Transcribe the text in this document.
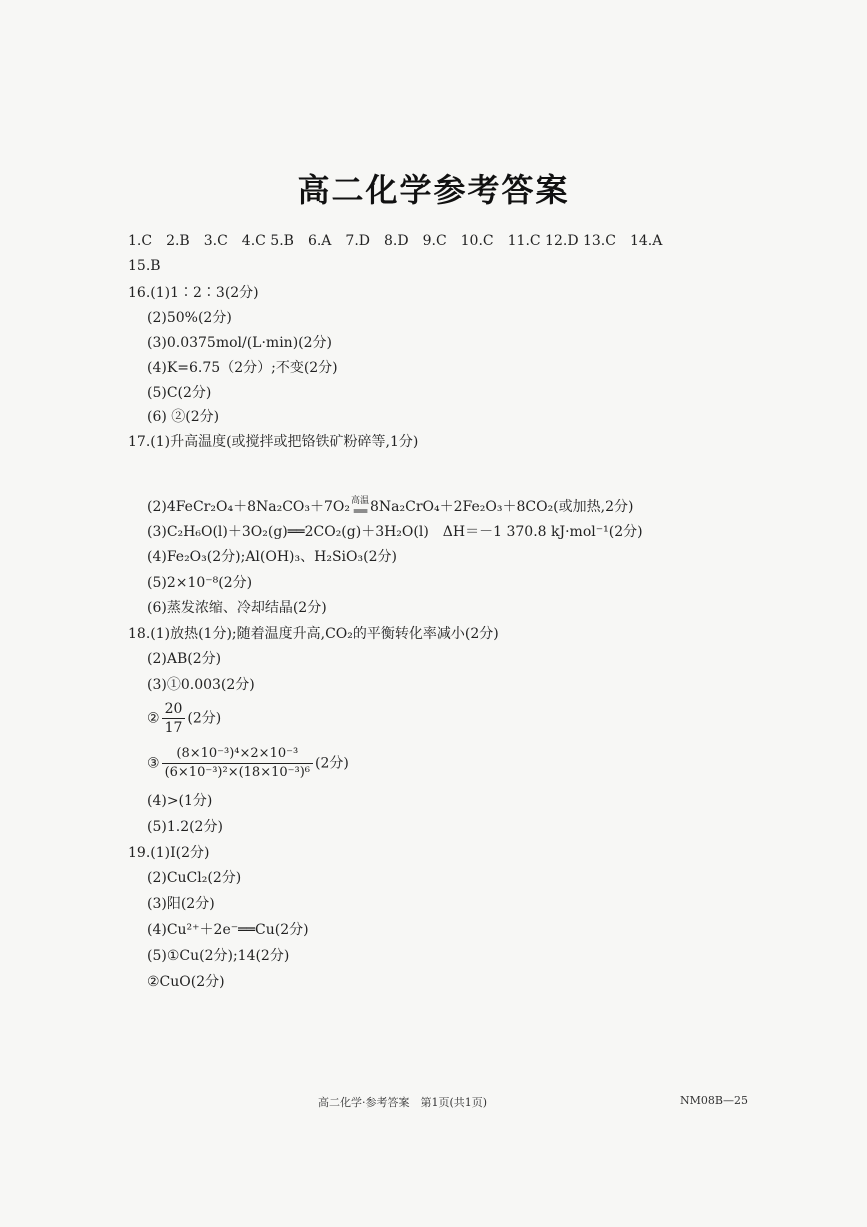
高二化学参考答案
1.C　2.B　3.C　4.C 5.B　6.A　7.D　8.D　9.C　10.C　11.C 12.D 13.C　14.A
15.B
16.(1)1∶2∶3(2分)
(2)50%(2分)
(3)0.0375mol/(L·min)(2分)
(4)K=6.75（2分）;不变(2分)
(5)C(2分)
(6) ②(2分)
17.(1)升高温度(或搅拌或把铬铁矿粉碎等,1分)
(2)4FeCr₂O₄＋8Na₂CO₃＋7O₂ 高温
══ 8Na₂CrO₄＋2Fe₂O₃＋8CO₂(或加热,2分)
(3)C₂H₆O(l)＋3O₂(g)══2CO₂(g)＋3H₂O(l)　ΔH＝－1 370.8 kJ·mol⁻¹(2分)
(4)Fe₂O₃(2分);Al(OH)₃、H₂SiO₃(2分)
(5)2×10⁻⁸(2分)
(6)蒸发浓缩、冷却结晶(2分)
18.(1)放热(1分);随着温度升高,CO₂的平衡转化率减小(2分)
(2)AB(2分)
(3)①0.003(2分)
② $\frac{20}{17} (2$分)
③ $\frac{\text{(8×10⁻³)⁴×2×10⁻³}}{\text{(6×10⁻³)²×(18×10⁻³)⁶}} (2$分)
(4)>(1分)
(5)1.2(2分)
19.(1)Ⅰ(2分)
(2)CuCl₂(2分)
(3)阳(2分)
(4)Cu²⁺＋2e⁻══Cu(2分)
(5)①Cu(2分);14(2分)
②CuO(2分)
高二化学·参考答案　第1页(共1页)	NM08B—25
